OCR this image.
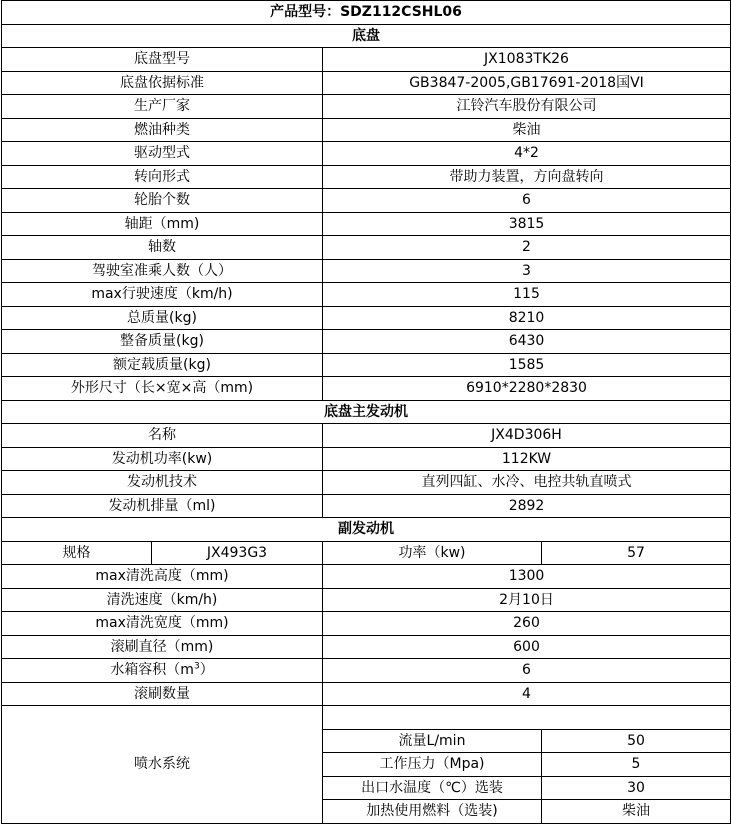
产品型号：SDZ112CSHL06			
底盘			
底盘型号		JX1083TK26	
底盘依据标准		GB3847-2005,GB17691-2018国VI	
生产厂家		江铃汽车股份有限公司	
燃油种类		柴油	
驱动型式		4*2	
转向形式		带助力装置，方向盘转向	
轮胎个数		6	
轴距（mm)		3815	
轴数		2	
驾驶室准乘人数（人）		3	
max行驶速度（km/h)		115	
总质量(kg)		8210	
整备质量(kg)		6430	
额定载质量(kg)		1585	
外形尺寸（长×宽×高（mm)		6910*2280*2830	
底盘主发动机			
名称		JX4D306H	
发动机功率(kw)		112KW	
发动机技术		直列四缸、水冷、电控共轨直喷式	
发动机排量（ml)		2892	
副发动机			
规格	JX493G3	功率（kw)	57
max清洗高度（mm)		1300	
清洗速度（km/h)		2月10日	
max清洗宽度（mm)		260	
滚刷直径（mm)		600	
水箱容积$(m^3)$		6	
滚刷数量		4	
喷水系统			
		流量L/min	50
		工作压力（Mpa)	5
		出口水温度（℃）选装	30
		加热使用燃料（选装)	柴油
